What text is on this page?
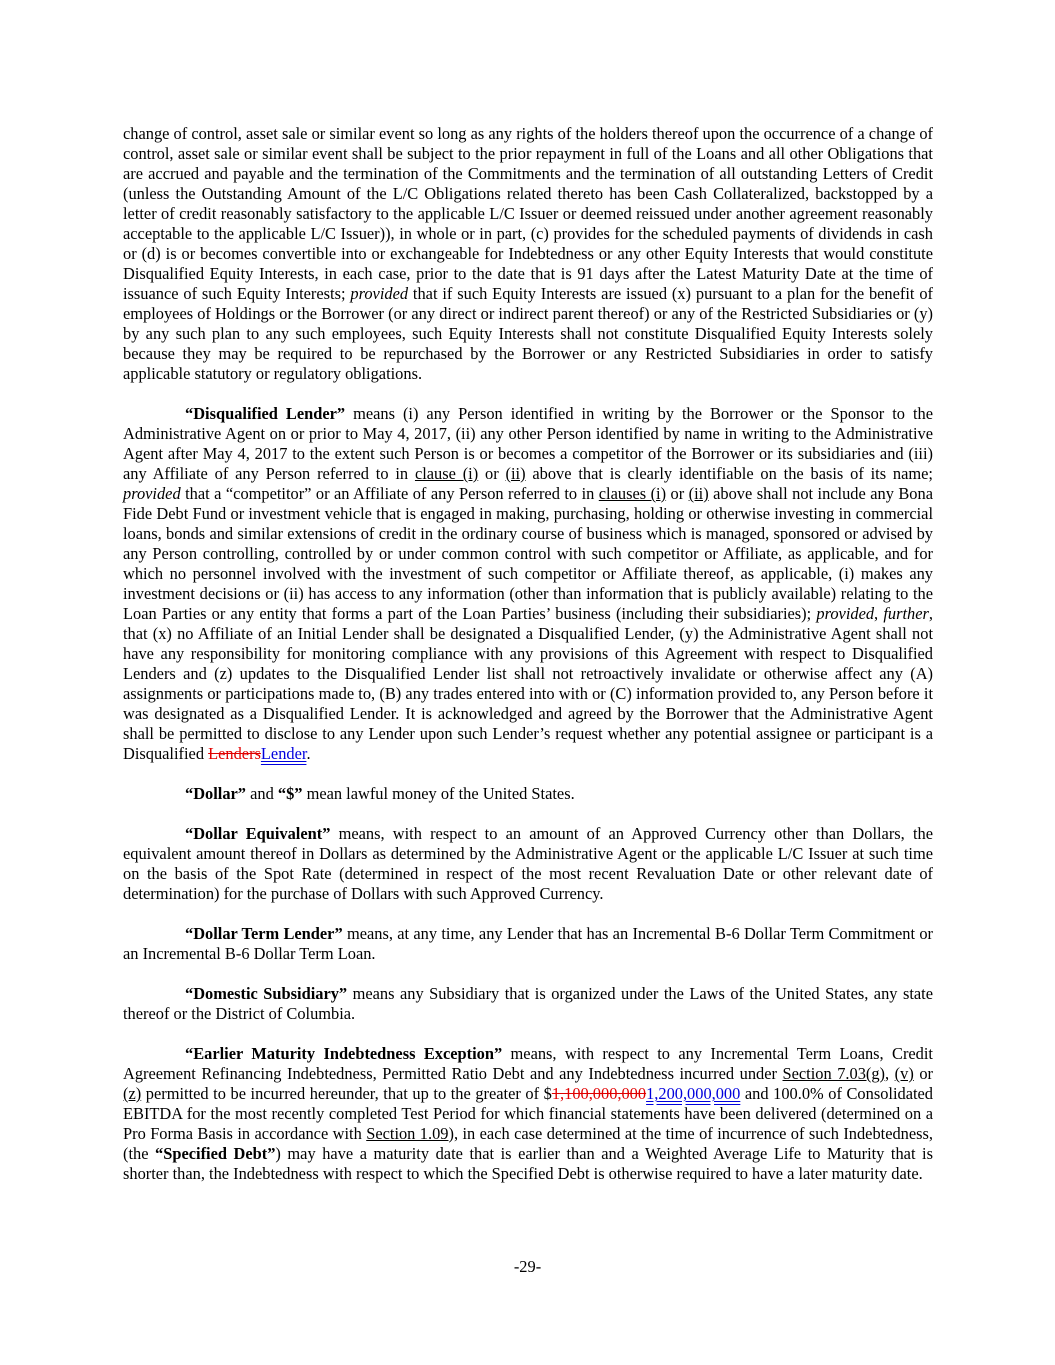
change of control, asset sale or similar event so long as any rights of the holders thereof upon the occurrence of a change of control, asset sale or similar event shall be subject to the prior repayment in full of the Loans and all other Obligations that are accrued and payable and the termination of the Commitments and the termination of all outstanding Letters of Credit (unless the Outstanding Amount of the L/C Obligations related thereto has been Cash Collateralized, backstopped by a letter of credit reasonably satisfactory to the applicable L/C Issuer or deemed reissued under another agreement reasonably acceptable to the applicable L/C Issuer)), in whole or in part, (c) provides for the scheduled payments of dividends in cash or (d) is or becomes convertible into or exchangeable for Indebtedness or any other Equity Interests that would constitute Disqualified Equity Interests, in each case, prior to the date that is 91 days after the Latest Maturity Date at the time of issuance of such Equity Interests; provided that if such Equity Interests are issued (x) pursuant to a plan for the benefit of employees of Holdings or the Borrower (or any direct or indirect parent thereof) or any of the Restricted Subsidiaries or (y) by any such plan to any such employees, such Equity Interests shall not constitute Disqualified Equity Interests solely because they may be required to be repurchased by the Borrower or any Restricted Subsidiaries in order to satisfy applicable statutory or regulatory obligations.

“Disqualified Lender” means (i) any Person identified in writing by the Borrower or the Sponsor to the Administrative Agent on or prior to May 4, 2017, (ii) any other Person identified by name in writing to the Administrative Agent after May 4, 2017 to the extent such Person is or becomes a competitor of the Borrower or its subsidiaries and (iii) any Affiliate of any Person referred to in clause (i) or (ii) above that is clearly identifiable on the basis of its name; provided that a “competitor” or an Affiliate of any Person referred to in clauses (i) or (ii) above shall not include any Bona Fide Debt Fund or investment vehicle that is engaged in making, purchasing, holding or otherwise investing in commercial loans, bonds and similar extensions of credit in the ordinary course of business which is managed, sponsored or advised by any Person controlling, controlled by or under common control with such competitor or Affiliate, as applicable, and for which no personnel involved with the investment of such competitor or Affiliate thereof, as applicable, (i) makes any investment decisions or (ii) has access to any information (other than information that is publicly available) relating to the Loan Parties or any entity that forms a part of the Loan Parties’ business (including their subsidiaries); provided, further, that (x) no Affiliate of an Initial Lender shall be designated a Disqualified Lender, (y) the Administrative Agent shall not have any responsibility for monitoring compliance with any provisions of this Agreement with respect to Disqualified Lenders and (z) updates to the Disqualified Lender list shall not retroactively invalidate or otherwise affect any (A) assignments or participations made to, (B) any trades entered into with or (C) information provided to, any Person before it was designated as a Disqualified Lender. It is acknowledged and agreed by the Borrower that the Administrative Agent shall be permitted to disclose to any Lender upon such Lender’s request whether any potential assignee or participant is a Disqualified LendersLender.

“Dollar” and “$” mean lawful money of the United States.

“Dollar Equivalent” means, with respect to an amount of an Approved Currency other than Dollars, the equivalent amount thereof in Dollars as determined by the Administrative Agent or the applicable L/C Issuer at such time on the basis of the Spot Rate (determined in respect of the most recent Revaluation Date or other relevant date of determination) for the purchase of Dollars with such Approved Currency.

“Dollar Term Lender” means, at any time, any Lender that has an Incremental B-6 Dollar Term Commitment or an Incremental B-6 Dollar Term Loan.

“Domestic Subsidiary” means any Subsidiary that is organized under the Laws of the United States, any state thereof or the District of Columbia.

“Earlier Maturity Indebtedness Exception” means, with respect to any Incremental Term Loans, Credit Agreement Refinancing Indebtedness, Permitted Ratio Debt and any Indebtedness incurred under Section 7.03(g), (v) or (z) permitted to be incurred hereunder, that up to the greater of $1,100,000,0001,200,000,000 and 100.0% of Consolidated EBITDA for the most recently completed Test Period for which financial statements have been delivered (determined on a Pro Forma Basis in accordance with Section 1.09), in each case determined at the time of incurrence of such Indebtedness, (the “Specified Debt”) may have a maturity date that is earlier than and a Weighted Average Life to Maturity that is shorter than, the Indebtedness with respect to which the Specified Debt is otherwise required to have a later maturity date.

-29-
